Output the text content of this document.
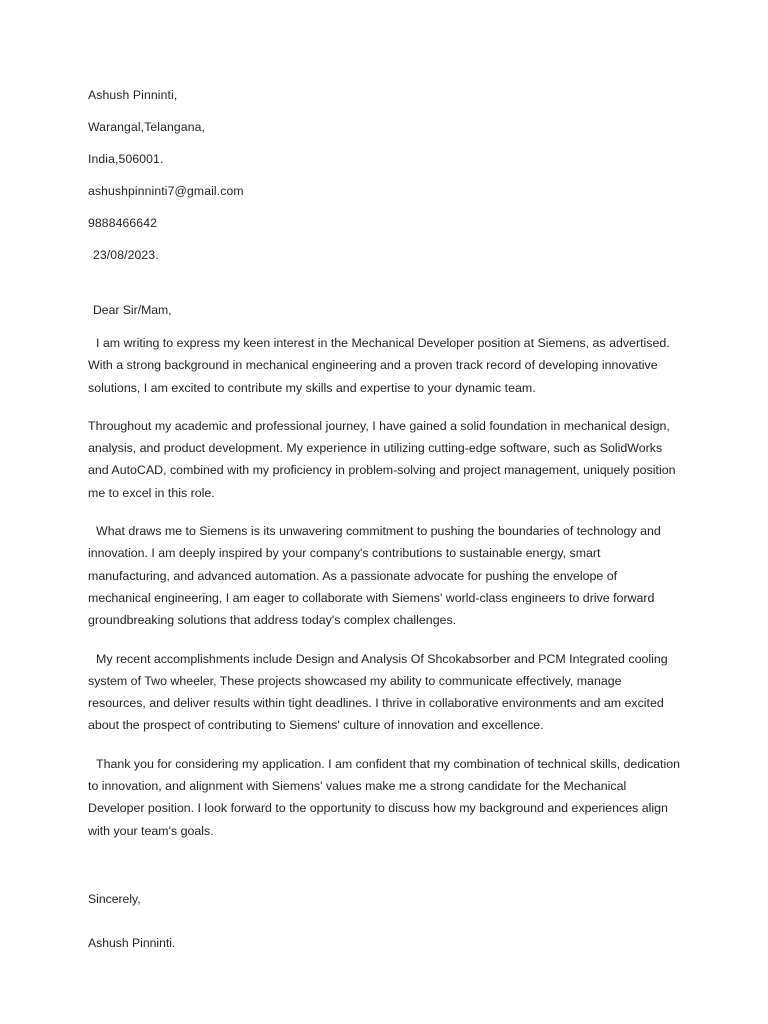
Ashush Pinninti,
Warangal,Telangana,
India,506001.
ashushpinninti7@gmail.com
9888466642
23/08/2023.
Dear Sir/Mam,

I am writing to express my keen interest in the Mechanical Developer position at Siemens, as advertised. With a strong background in mechanical engineering and a proven track record of developing innovative solutions, I am excited to contribute my skills and expertise to your dynamic team.

Throughout my academic and professional journey, I have gained a solid foundation in mechanical design, analysis, and product development. My experience in utilizing cutting-edge software, such as SolidWorks and AutoCAD, combined with my proficiency in problem-solving and project management, uniquely position me to excel in this role.

What draws me to Siemens is its unwavering commitment to pushing the boundaries of technology and innovation. I am deeply inspired by your company's contributions to sustainable energy, smart manufacturing, and advanced automation. As a passionate advocate for pushing the envelope of mechanical engineering, I am eager to collaborate with Siemens' world-class engineers to drive forward groundbreaking solutions that address today's complex challenges.

My recent accomplishments include Design and Analysis Of Shcokabsorber and PCM Integrated cooling system of Two wheeler, These projects showcased my ability to communicate effectively, manage resources, and deliver results within tight deadlines. I thrive in collaborative environments and am excited about the prospect of contributing to Siemens' culture of innovation and excellence.

Thank you for considering my application. I am confident that my combination of technical skills, dedication to innovation, and alignment with Siemens' values make me a strong candidate for the Mechanical Developer position. I look forward to the opportunity to discuss how my background and experiences align with your team's goals.

Sincerely,
Ashush Pinninti.
